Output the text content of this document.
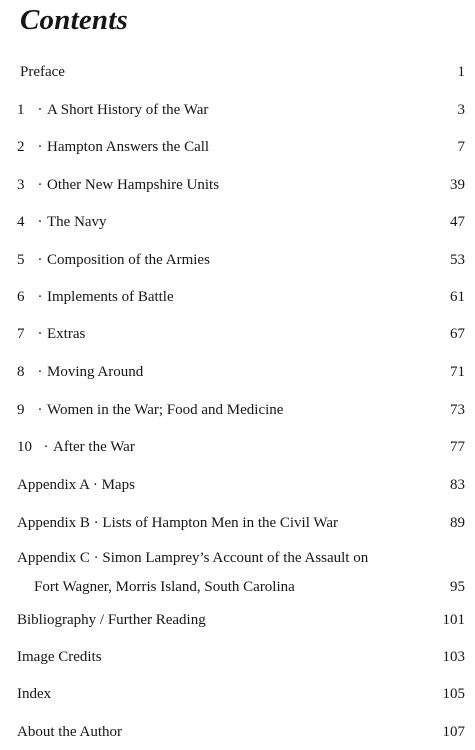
Contents
Preface	1
1 · A Short History of the War	3
2 · Hampton Answers the Call	7
3 · Other New Hampshire Units	39
4 · The Navy	47
5 · Composition of the Armies	53
6 · Implements of Battle	61
7 · Extras	67
8 · Moving Around	71
9 · Women in the War; Food and Medicine	73
10 · After the War	77
Appendix A · Maps	83
Appendix B · Lists of Hampton Men in the Civil War	89
Appendix C · Simon Lamprey’s Account of the Assault on
Fort Wagner, Morris Island, South Carolina	95
Bibliography / Further Reading	101
Image Credits	103
Index	105
About the Author	107
